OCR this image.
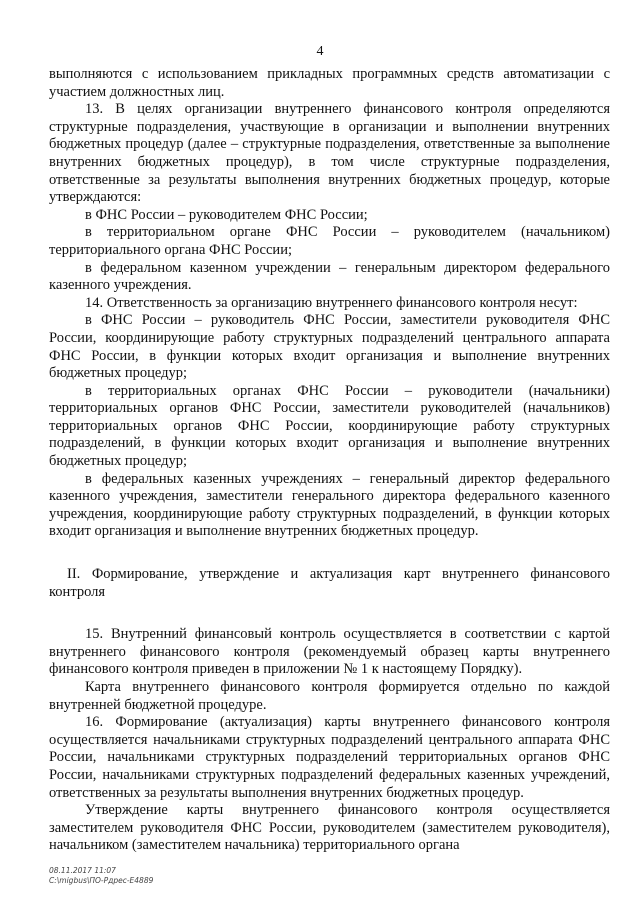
4

выполняются с использованием прикладных программных средств автоматизации с участием должностных лиц.

13. В целях организации внутреннего финансового контроля определяются структурные подразделения, участвующие в организации и выполнении внутренних бюджетных процедур (далее – структурные подразделения, ответственные за выполнение внутренних бюджетных процедур), в том числе структурные подразделения, ответственные за результаты выполнения внутренних бюджетных процедур, которые утверждаются:

в ФНС России – руководителем ФНС России;

в территориальном органе ФНС России – руководителем (начальником) территориального органа ФНС России;

в федеральном казенном учреждении – генеральным директором федерального казенного учреждения.

14. Ответственность за организацию внутреннего финансового контроля несут:

в ФНС России – руководитель ФНС России, заместители руководителя ФНС России, координирующие работу структурных подразделений центрального аппарата ФНС России, в функции которых входит организация и выполнение внутренних бюджетных процедур;

в территориальных органах ФНС России – руководители (начальники) территориальных органов ФНС России, заместители руководителей (начальников) территориальных органов ФНС России, координирующие работу структурных подразделений, в функции которых входит организация и выполнение внутренних бюджетных процедур;

в федеральных казенных учреждениях – генеральный директор федерального казенного учреждения, заместители генерального директора федерального казенного учреждения, координирующие работу структурных подразделений, в функции которых входит организация и выполнение внутренних бюджетных процедур.

II. Формирование, утверждение и актуализация карт внутреннего финансового контроля

15. Внутренний финансовый контроль осуществляется в соответствии с картой внутреннего финансового контроля (рекомендуемый образец карты внутреннего финансового контроля приведен в приложении № 1 к настоящему Порядку).

Карта внутреннего финансового контроля формируется отдельно по каждой внутренней бюджетной процедуре.

16. Формирование (актуализация) карты внутреннего финансового контроля осуществляется начальниками структурных подразделений центрального аппарата ФНС России, начальниками структурных подразделений территориальных органов ФНС России, начальниками структурных подразделений федеральных казенных учреждений, ответственных за результаты выполнения внутренних бюджетных процедур.

Утверждение карты внутреннего финансового контроля осуществляется заместителем руководителя ФНС России, руководителем (заместителем руководителя), начальником (заместителем начальника) территориального органа

08.11.2017 11:07
С:\migbus\ПО-Рдрес-E4889
